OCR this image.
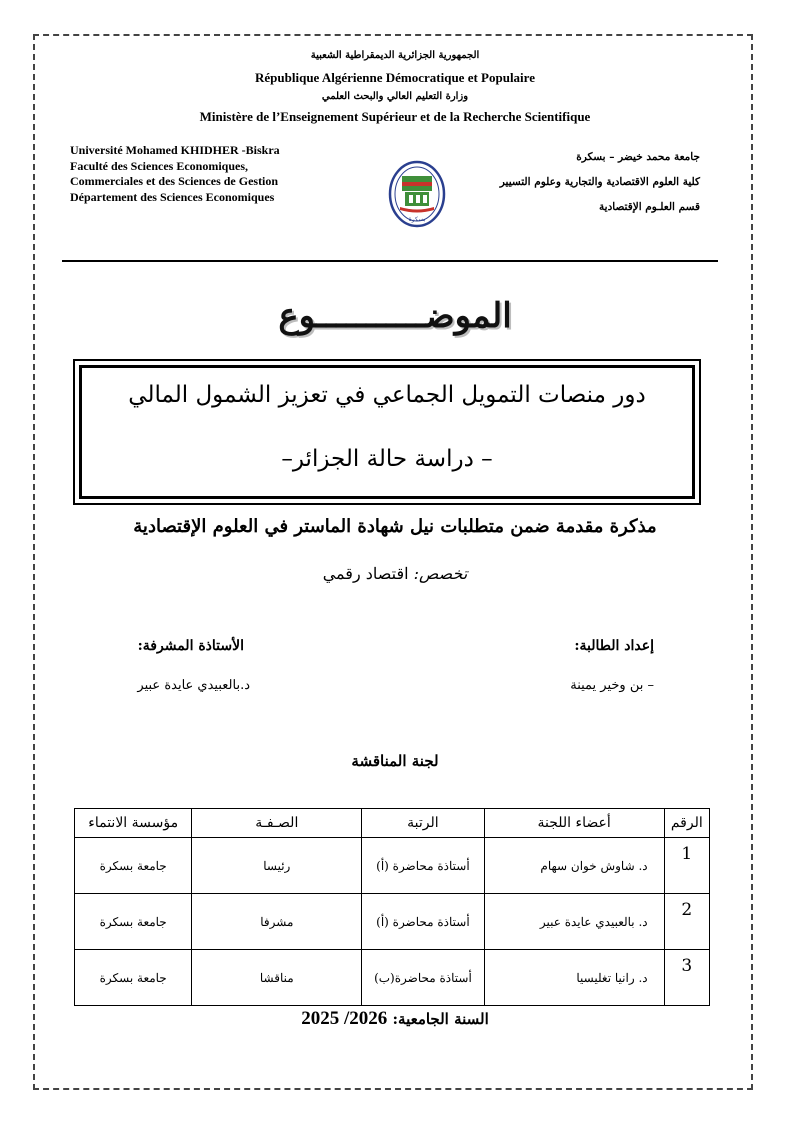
الجمهورية الجزائرية الديمقراطية الشعبية
République Algérienne Démocratique et Populaire
وزارة التعليم العالي والبحث العلمي
Ministère de l’Enseignement Supérieur et de la Recherche Scientifique
Université Mohamed KHIDHER -Biskra
Faculté des Sciences Economiques,
Commerciales et des Sciences de Gestion
Département des Sciences Economiques
جامعة محمد خيضر – بسكرة
كلية العلوم الاقتصادية والتجارية وعلوم التسيير
قسم العلـوم الإقتصادية
بسكرة
الموضـــــــــــوع
دور منصات التمويل الجماعي في تعزيز الشمول المالي
– دراسة حالة الجزائر–
مذكرة مقدمة ضمن متطلبات نيل شهادة الماستر في العلوم الإقتصادية
تخصص: اقتصاد رقمي
إعداد الطالبة:
– بن وخير يمينة
الأستاذة المشرفة:
د.بالعبيدي عايدة عبير
لجنة المناقشة
الرقم	أعضاء اللجنة	الرتبة	الصـفـة	مؤسسة الانتماء
1	د. شاوش خوان سهام	أستاذة محاضرة (أ)	رئيسا	جامعة بسكرة
2	د. بالعبيدي عايدة عبير	أستاذة محاضرة (أ)	مشرفا	جامعة بسكرة
3	د. رانيا تغليسيا	أستاذة محاضرة(ب)	مناقشا	جامعة بسكرة
السنة الجامعية: 2025 /2026
